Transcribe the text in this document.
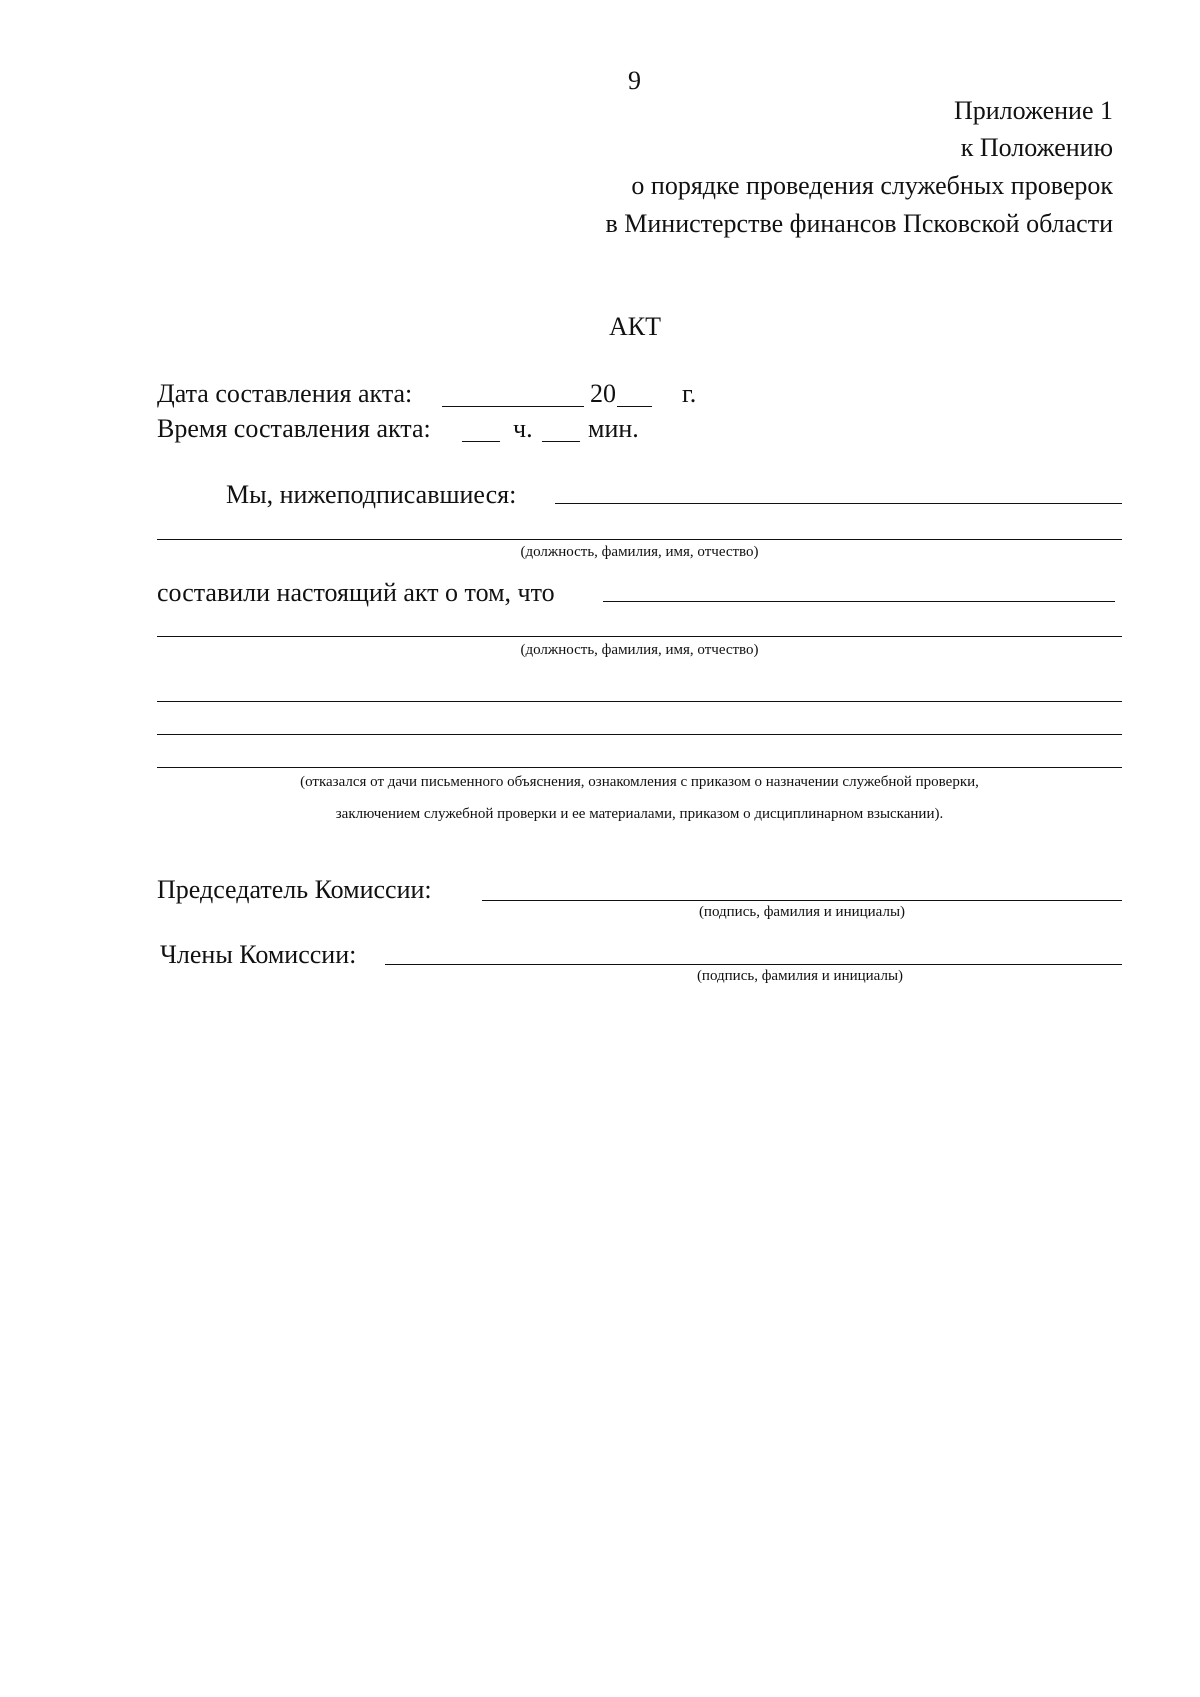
9
Приложение 1
к Положению
о порядке проведения служебных проверок
в Министерстве финансов Псковской области
АКТ
Дата составления акта:	20	г.
Время составления акта:	ч. мин.
Мы, нижеподписавшиеся:
(должность, фамилия, имя, отчество)
составили настоящий акт о том, что
(должность, фамилия, имя, отчество)
(отказался от дачи письменного объяснения, ознакомления с приказом о назначении служебной проверки,
заключением служебной проверки и ее материалами, приказом о дисциплинарном взыскании).
Председатель Комиссии:
(подпись, фамилия и инициалы)
Члены Комиссии:
(подпись, фамилия и инициалы)
